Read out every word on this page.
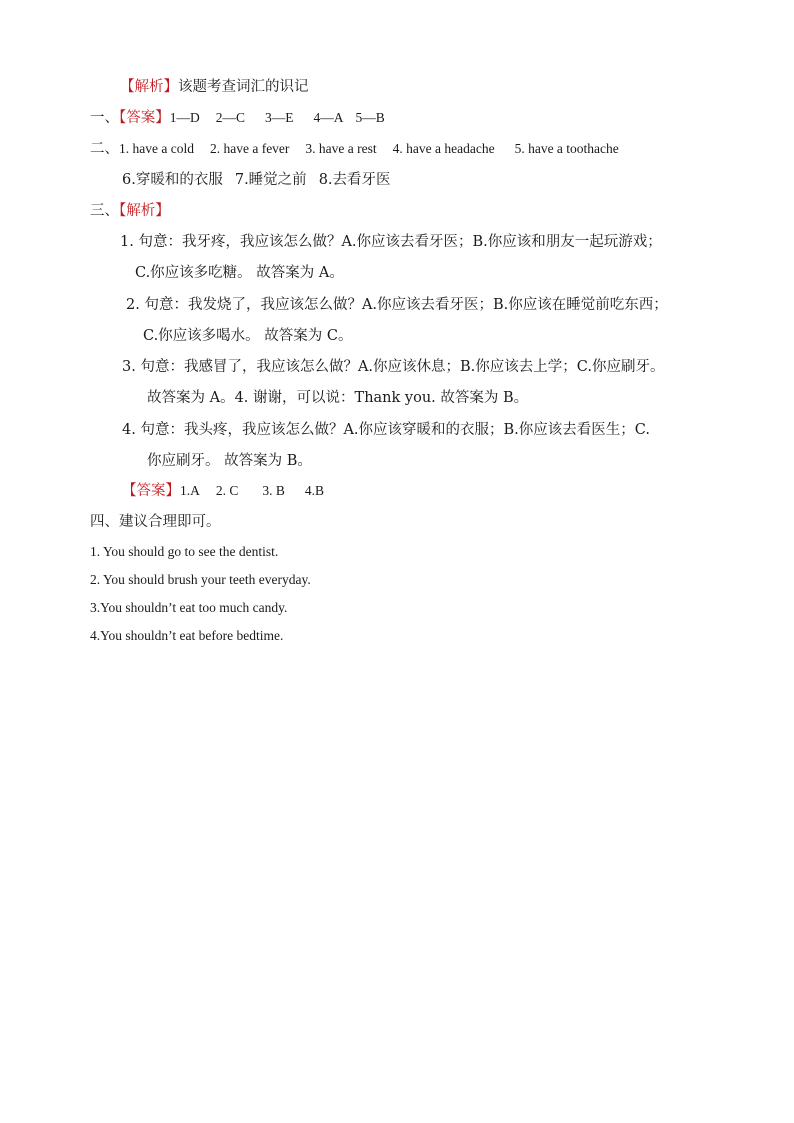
【解析】该题考查词汇的识记
一、【答案】1—D 2—C 3—E 4—A 5—B
二、1. have a cold 2. have a fever 3. have a rest 4. have a headache 5. have a toothache
6.穿暖和的衣服 7.睡觉之前 8.去看牙医
三、【解析】
1. 句意：我牙疼，我应该怎么做？A.你应该去看牙医；B.你应该和朋友一起玩游戏；
C.你应该多吃糖。 故答案为 A。
2. 句意：我发烧了，我应该怎么做？A.你应该去看牙医；B.你应该在睡觉前吃东西；
C.你应该多喝水。 故答案为 C。
3. 句意：我感冒了，我应该怎么做？A.你应该休息；B.你应该去上学；C.你应刷牙。
故答案为 A。4. 谢谢，可以说：Thank you. 故答案为 B。
4. 句意：我头疼，我应该怎么做？A.你应该穿暖和的衣服；B.你应该去看医生；C.
你应刷牙。 故答案为 B。
【答案】1.A 2. C 3. B 4.B
四、建议合理即可。
1. You should go to see the dentist.
2. You should brush your teeth everyday.
3.You shouldn’t eat too much candy.
4.You shouldn’t eat before bedtime.
